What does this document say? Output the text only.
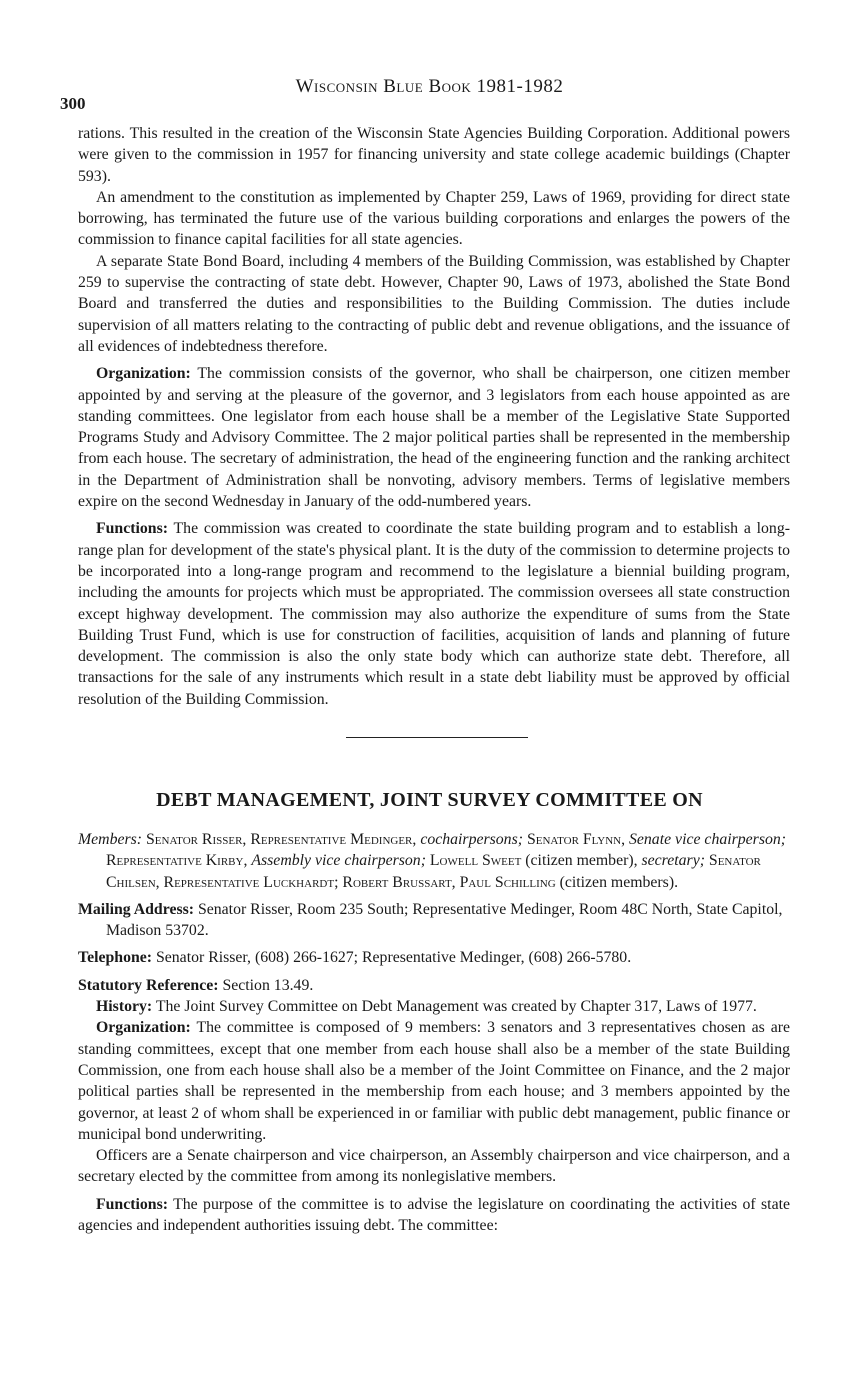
300
Wisconsin Blue Book 1981-1982

rations. This resulted in the creation of the Wisconsin State Agencies Building Corporation. Additional powers were given to the commission in 1957 for financing university and state college academic buildings (Chapter 593).

An amendment to the constitution as implemented by Chapter 259, Laws of 1969, providing for direct state borrowing, has terminated the future use of the various building corporations and enlarges the powers of the commission to finance capital facilities for all state agencies.

A separate State Bond Board, including 4 members of the Building Commission, was established by Chapter 259 to supervise the contracting of state debt. However, Chapter 90, Laws of 1973, abolished the State Bond Board and transferred the duties and responsibilities to the Building Commission. The duties include supervision of all matters relating to the contracting of public debt and revenue obligations, and the issuance of all evidences of indebtedness therefore.

Organization: The commission consists of the governor, who shall be chairperson, one citizen member appointed by and serving at the pleasure of the governor, and 3 legislators from each house appointed as are standing committees. One legislator from each house shall be a member of the Legislative State Supported Programs Study and Advisory Committee. The 2 major political parties shall be represented in the membership from each house. The secretary of administration, the head of the engineering function and the ranking architect in the Department of Administration shall be nonvoting, advisory members. Terms of legislative members expire on the second Wednesday in January of the odd-numbered years.

Functions: The commission was created to coordinate the state building program and to establish a long-range plan for development of the state's physical plant. It is the duty of the commission to determine projects to be incorporated into a long-range program and recommend to the legislature a biennial building program, including the amounts for projects which must be appropriated. The commission oversees all state construction except highway development. The commission may also authorize the expenditure of sums from the State Building Trust Fund, which is use for construction of facilities, acquisition of lands and planning of future development. The commission is also the only state body which can authorize state debt. Therefore, all transactions for the sale of any instruments which result in a state debt liability must be approved by official resolution of the Building Commission.

DEBT MANAGEMENT, JOINT SURVEY COMMITTEE ON

Members: Senator Risser, Representative Medinger, cochairpersons; Senator Flynn, Senate vice chairperson; Representative Kirby, Assembly vice chairperson; Lowell Sweet (citizen member), secretary; Senator Chilsen, Representative Luckhardt; Robert Brussart, Paul Schilling (citizen members).

Mailing Address: Senator Risser, Room 235 South; Representative Medinger, Room 48C North, State Capitol, Madison 53702.

Telephone: Senator Risser, (608) 266-1627; Representative Medinger, (608) 266-5780.

Statutory Reference: Section 13.49.

History: The Joint Survey Committee on Debt Management was created by Chapter 317, Laws of 1977.

Organization: The committee is composed of 9 members: 3 senators and 3 representatives chosen as are standing committees, except that one member from each house shall also be a member of the state Building Commission, one from each house shall also be a member of the Joint Committee on Finance, and the 2 major political parties shall be represented in the membership from each house; and 3 members appointed by the governor, at least 2 of whom shall be experienced in or familiar with public debt management, public finance or municipal bond underwriting.

Officers are a Senate chairperson and vice chairperson, an Assembly chairperson and vice chairperson, and a secretary elected by the committee from among its nonlegislative members.

Functions: The purpose of the committee is to advise the legislature on coordinating the activities of state agencies and independent authorities issuing debt. The committee:
